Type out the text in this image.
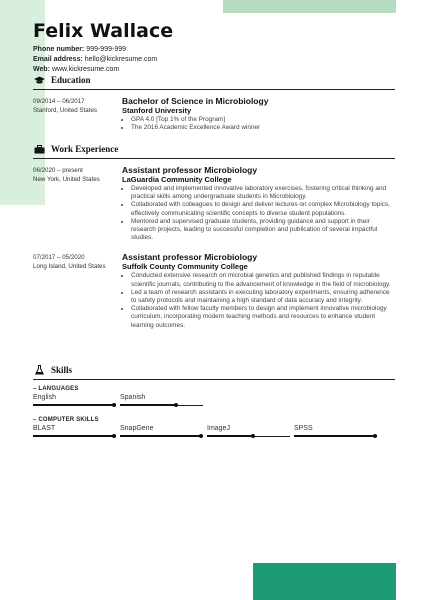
Felix Wallace
Phone number: 999-999-999
Email address: hello@kickresume.com
Web: www.kickresume.com
Education
09/2014 – 06/2017
Stanford, United States
Bachelor of Science in Microbiology
Stanford University
• GPA 4.0 [Top 1% of the Program]
• The 2016 Academic Excellence Award winner
Work Experience
06/2020 – present
New York, United States
Assistant professor Microbiology
LaGuardia Community College
• Developed and implemented innovative laboratory exercises, fostering critical thinking and practical skills among undergraduate students in Microbiology.
• Collaborated with colleagues to design and deliver lectures on complex Microbiology topics, effectively communicating scientific concepts to diverse student populations.
• Mentored and supervised graduate students, providing guidance and support in their research projects, leading to successful completion and publication of several impactful studies.
07/2017 – 05/2020
Long Island, United States
Assistant professor Microbiology
Suffolk County Community College
• Conducted extensive research on microbial genetics and published findings in reputable scientific journals, contributing to the advancement of knowledge in the field of microbiology.
• Led a team of research assistants in executing laboratory experiments, ensuring adherence to safety protocols and maintaining a high standard of data accuracy and integrity.
• Collaborated with fellow faculty members to design and implement innovative microbiology curriculum, incorporating modern teaching methods and resources to enhance student learning outcomes.
Skills
– LANGUAGES
English	Spanish
– COMPUTER SKILLS
BLAST	SnapGene	ImageJ	SPSS
